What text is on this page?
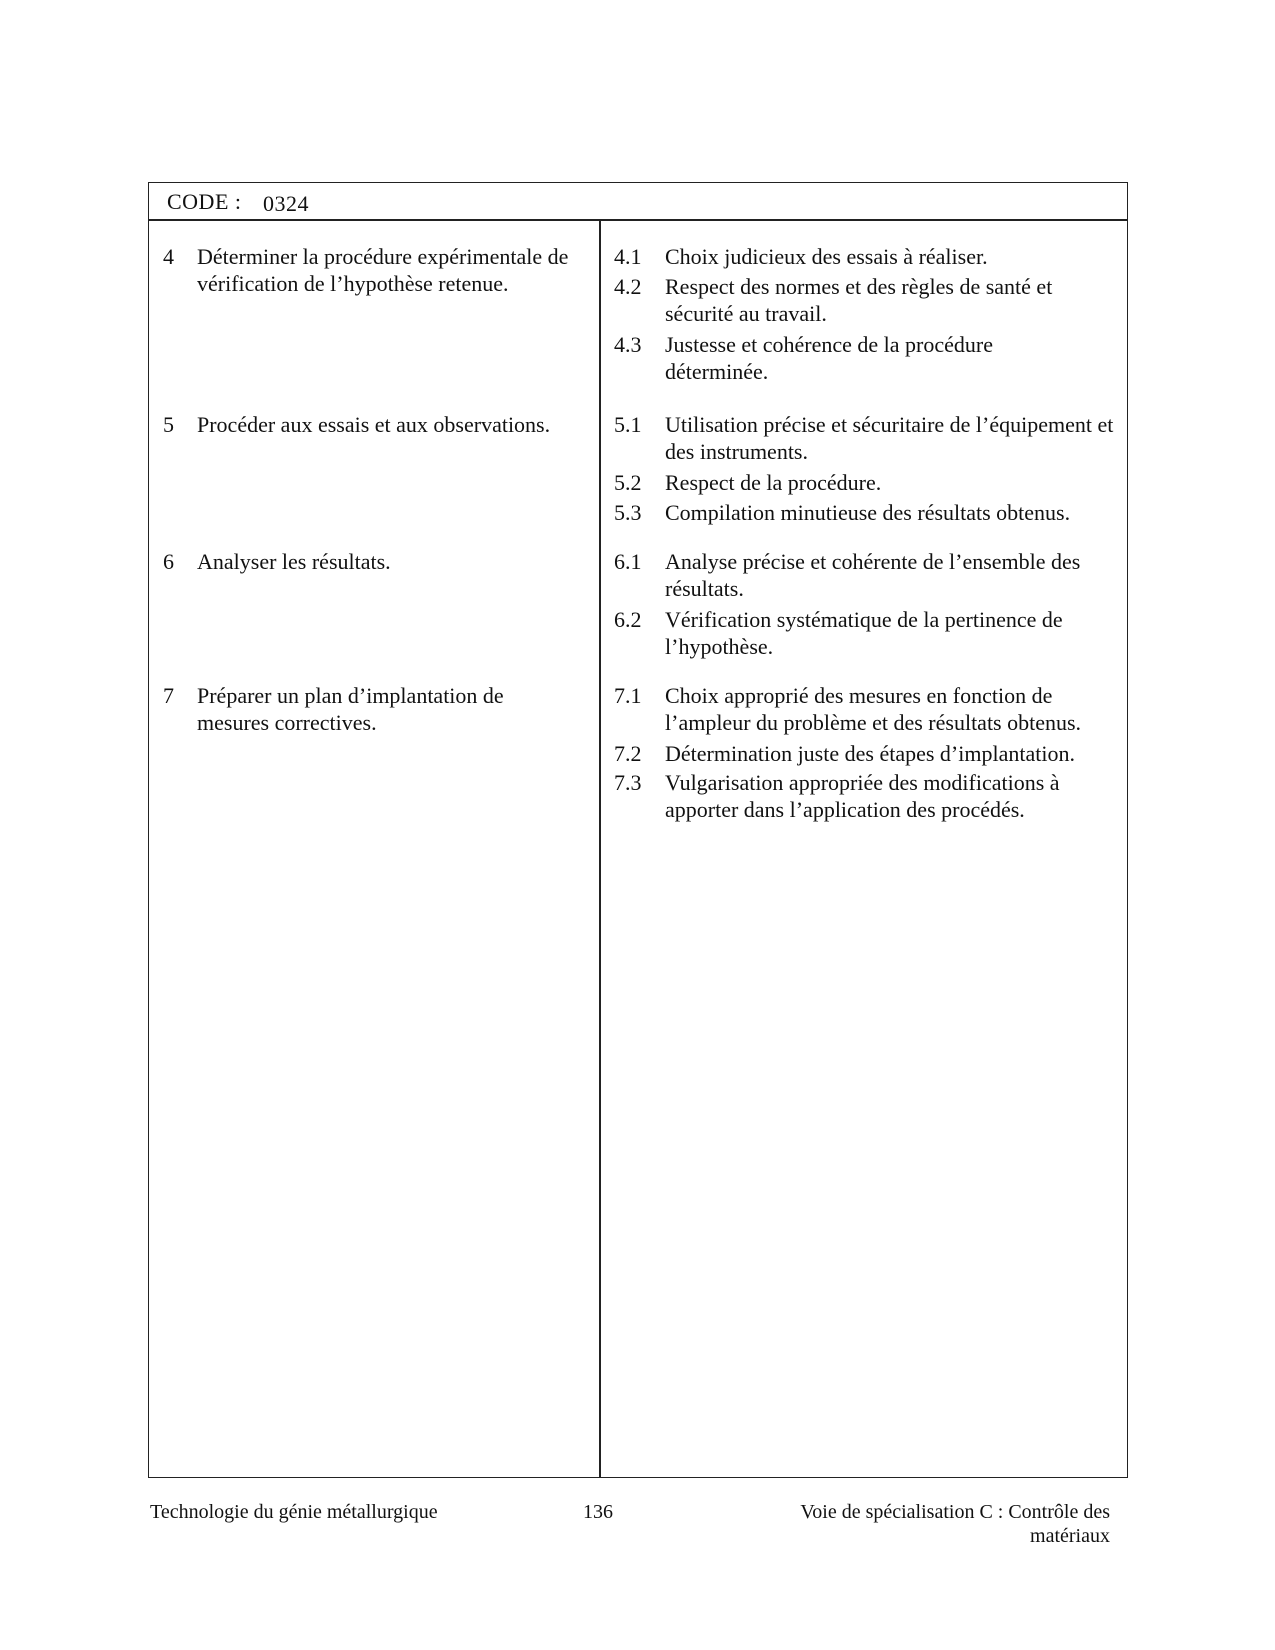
CODE : 0324
4 Déterminer la procédure expérimentale de vérification de l’hypothèse retenue.
5 Procéder aux essais et aux observations.
6 Analyser les résultats.
7 Préparer un plan d’implantation de mesures correctives.
4.1 Choix judicieux des essais à réaliser.
4.2 Respect des normes et des règles de santé et sécurité au travail.
4.3 Justesse et cohérence de la procédure déterminée.
5.1 Utilisation précise et sécuritaire de l’équipement et des instruments.
5.2 Respect de la procédure.
5.3 Compilation minutieuse des résultats obtenus.
6.1 Analyse précise et cohérente de l’ensemble des résultats.
6.2 Vérification systématique de la pertinence de l’hypothèse.
7.1 Choix approprié des mesures en fonction de l’ampleur du problème et des résultats obtenus.
7.2 Détermination juste des étapes d’implantation.
7.3 Vulgarisation appropriée des modifications à apporter dans l’application des procédés.
Technologie du génie métallurgique	136	Voie de spécialisation C : Contrôle des matériaux
